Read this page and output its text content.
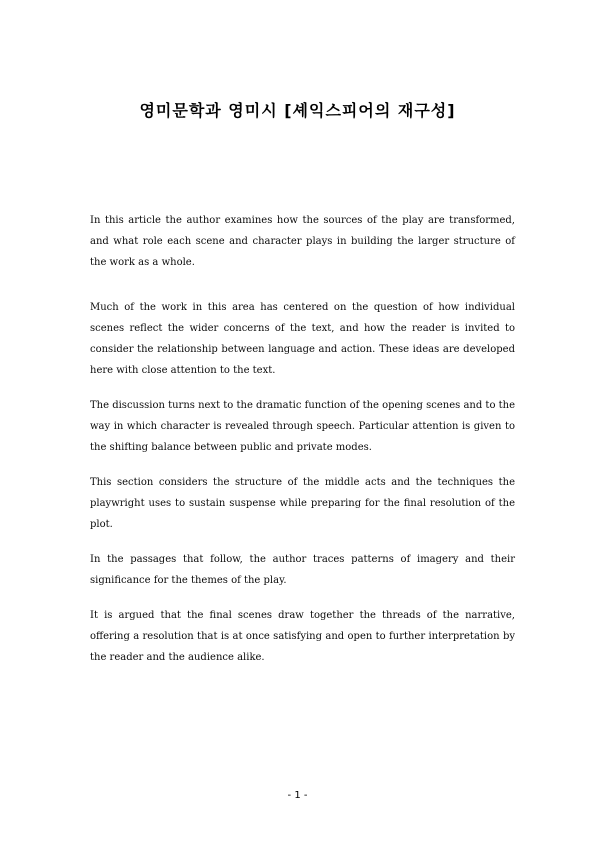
영미문학과 영미시 [셰익스피어의 재구성]

In this article the author examines how the sources of the play are transformed, and what role each scene and character plays in building the larger structure of the work as a whole.

Much of the work in this area has centered on the question of how individual scenes reflect the wider concerns of the text, and how the reader is invited to consider the relationship between language and action. These ideas are developed here with close attention to the text.

The discussion turns next to the dramatic function of the opening scenes and to the way in which character is revealed through speech. Particular attention is given to the shifting balance between public and private modes.

This section considers the structure of the middle acts and the techniques the playwright uses to sustain suspense while preparing for the final resolution of the plot.

In the passages that follow, the author traces patterns of imagery and their significance for the themes of the play.

It is argued that the final scenes draw together the threads of the narrative, offering a resolution that is at once satisfying and open to further interpretation by the reader and the audience alike.

- 1 -
